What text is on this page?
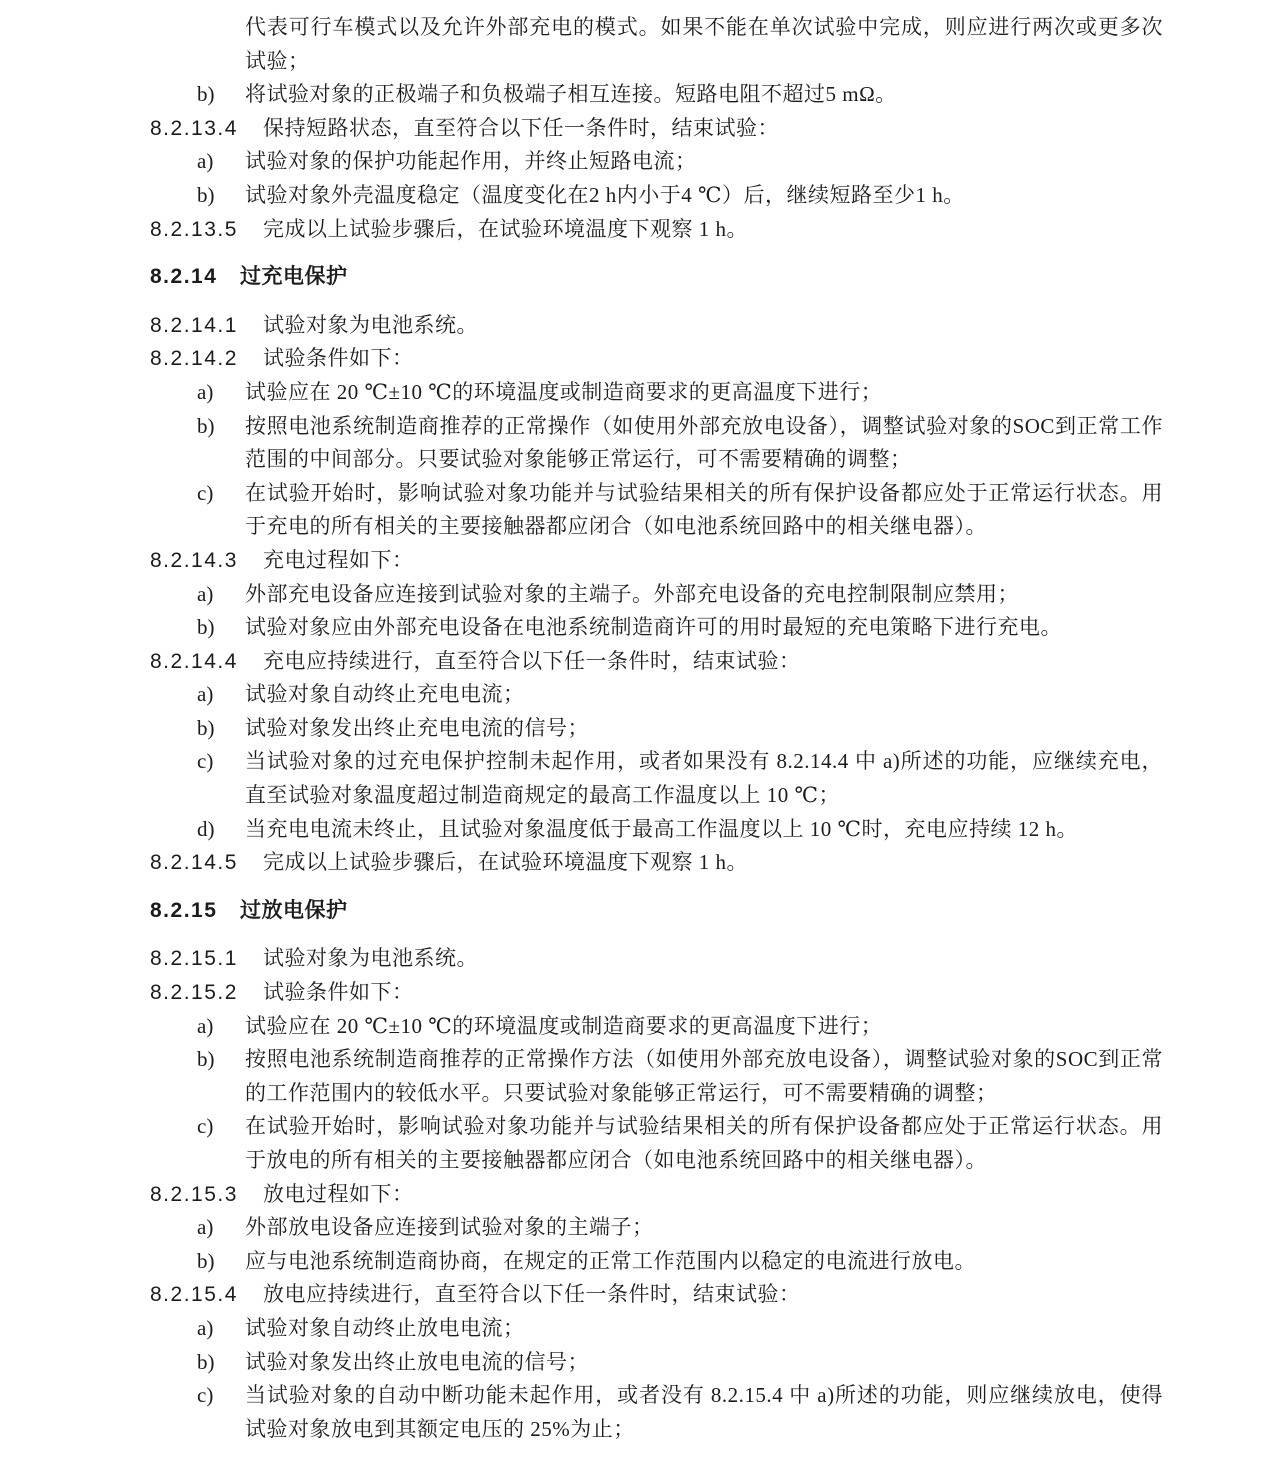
代表可行车模式以及允许外部充电的模式。如果不能在单次试验中完成，则应进行两次或更多次试验；

b) 将试验对象的正极端子和负极端子相互连接。短路电阻不超过5 mΩ。

8.2.13.4 保持短路状态，直至符合以下任一条件时，结束试验：

a) 试验对象的保护功能起作用，并终止短路电流；

b) 试验对象外壳温度稳定（温度变化在2 h内小于4 ℃）后，继续短路至少1 h。

8.2.13.5 完成以上试验步骤后，在试验环境温度下观察 1 h。

8.2.14 过充电保护

8.2.14.1 试验对象为电池系统。

8.2.14.2 试验条件如下：

a) 试验应在 20 ℃±10 ℃的环境温度或制造商要求的更高温度下进行；

b) 按照电池系统制造商推荐的正常操作（如使用外部充放电设备），调整试验对象的SOC到正常工作范围的中间部分。只要试验对象能够正常运行，可不需要精确的调整；

c) 在试验开始时，影响试验对象功能并与试验结果相关的所有保护设备都应处于正常运行状态。用于充电的所有相关的主要接触器都应闭合（如电池系统回路中的相关继电器）。

8.2.14.3 充电过程如下：

a) 外部充电设备应连接到试验对象的主端子。外部充电设备的充电控制限制应禁用；

b) 试验对象应由外部充电设备在电池系统制造商许可的用时最短的充电策略下进行充电。

8.2.14.4 充电应持续进行，直至符合以下任一条件时，结束试验：

a) 试验对象自动终止充电电流；

b) 试验对象发出终止充电电流的信号；

c) 当试验对象的过充电保护控制未起作用，或者如果没有 8.2.14.4 中 a)所述的功能，应继续充电，直至试验对象温度超过制造商规定的最高工作温度以上 10 ℃；

d) 当充电电流未终止，且试验对象温度低于最高工作温度以上 10 ℃时，充电应持续 12 h。

8.2.14.5 完成以上试验步骤后，在试验环境温度下观察 1 h。

8.2.15 过放电保护

8.2.15.1 试验对象为电池系统。

8.2.15.2 试验条件如下：

a) 试验应在 20 ℃±10 ℃的环境温度或制造商要求的更高温度下进行；

b) 按照电池系统制造商推荐的正常操作方法（如使用外部充放电设备），调整试验对象的SOC到正常的工作范围内的较低水平。只要试验对象能够正常运行，可不需要精确的调整；

c) 在试验开始时，影响试验对象功能并与试验结果相关的所有保护设备都应处于正常运行状态。用于放电的所有相关的主要接触器都应闭合（如电池系统回路中的相关继电器）。

8.2.15.3 放电过程如下：

a) 外部放电设备应连接到试验对象的主端子；

b) 应与电池系统制造商协商，在规定的正常工作范围内以稳定的电流进行放电。

8.2.15.4 放电应持续进行，直至符合以下任一条件时，结束试验：

a) 试验对象自动终止放电电流；

b) 试验对象发出终止放电电流的信号；

c) 当试验对象的自动中断功能未起作用，或者没有 8.2.15.4 中 a)所述的功能，则应继续放电，使得试验对象放电到其额定电压的 25%为止；
